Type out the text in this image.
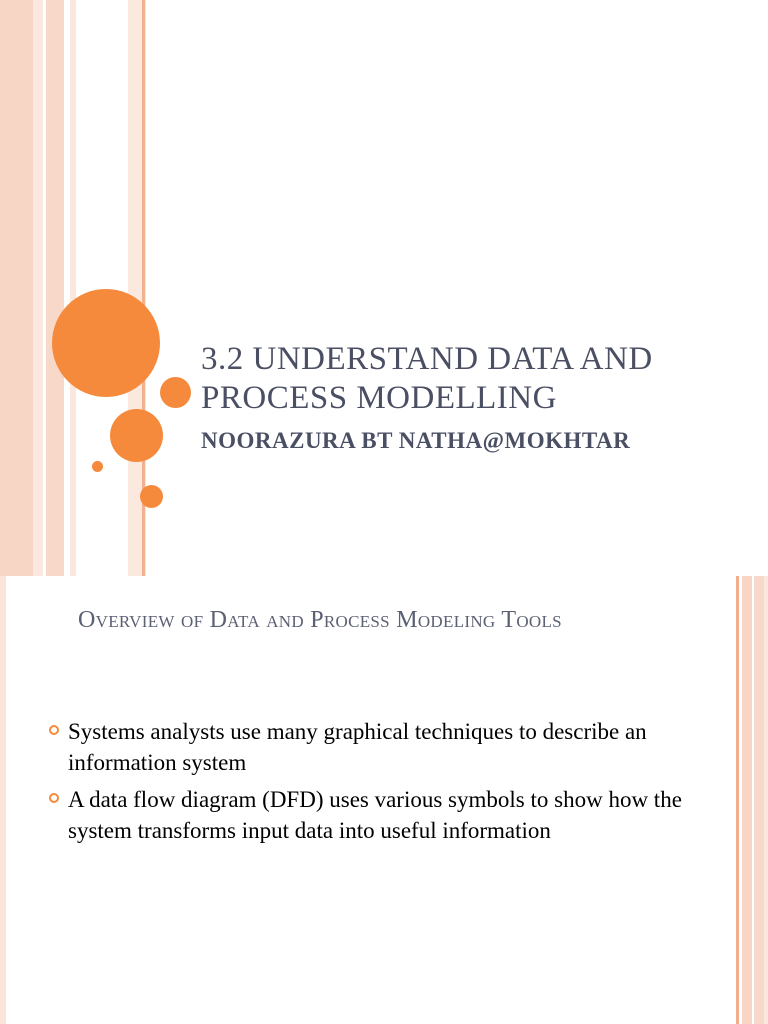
3.2 UNDERSTAND DATA AND PROCESS MODELLING

NOORAZURA BT NATHA@MOKHTAR

Overview of Data and Process Modeling Tools
Systems analysts use many graphical techniques to describe an information system
A data flow diagram (DFD) uses various symbols to show how the system transforms input data into useful information
